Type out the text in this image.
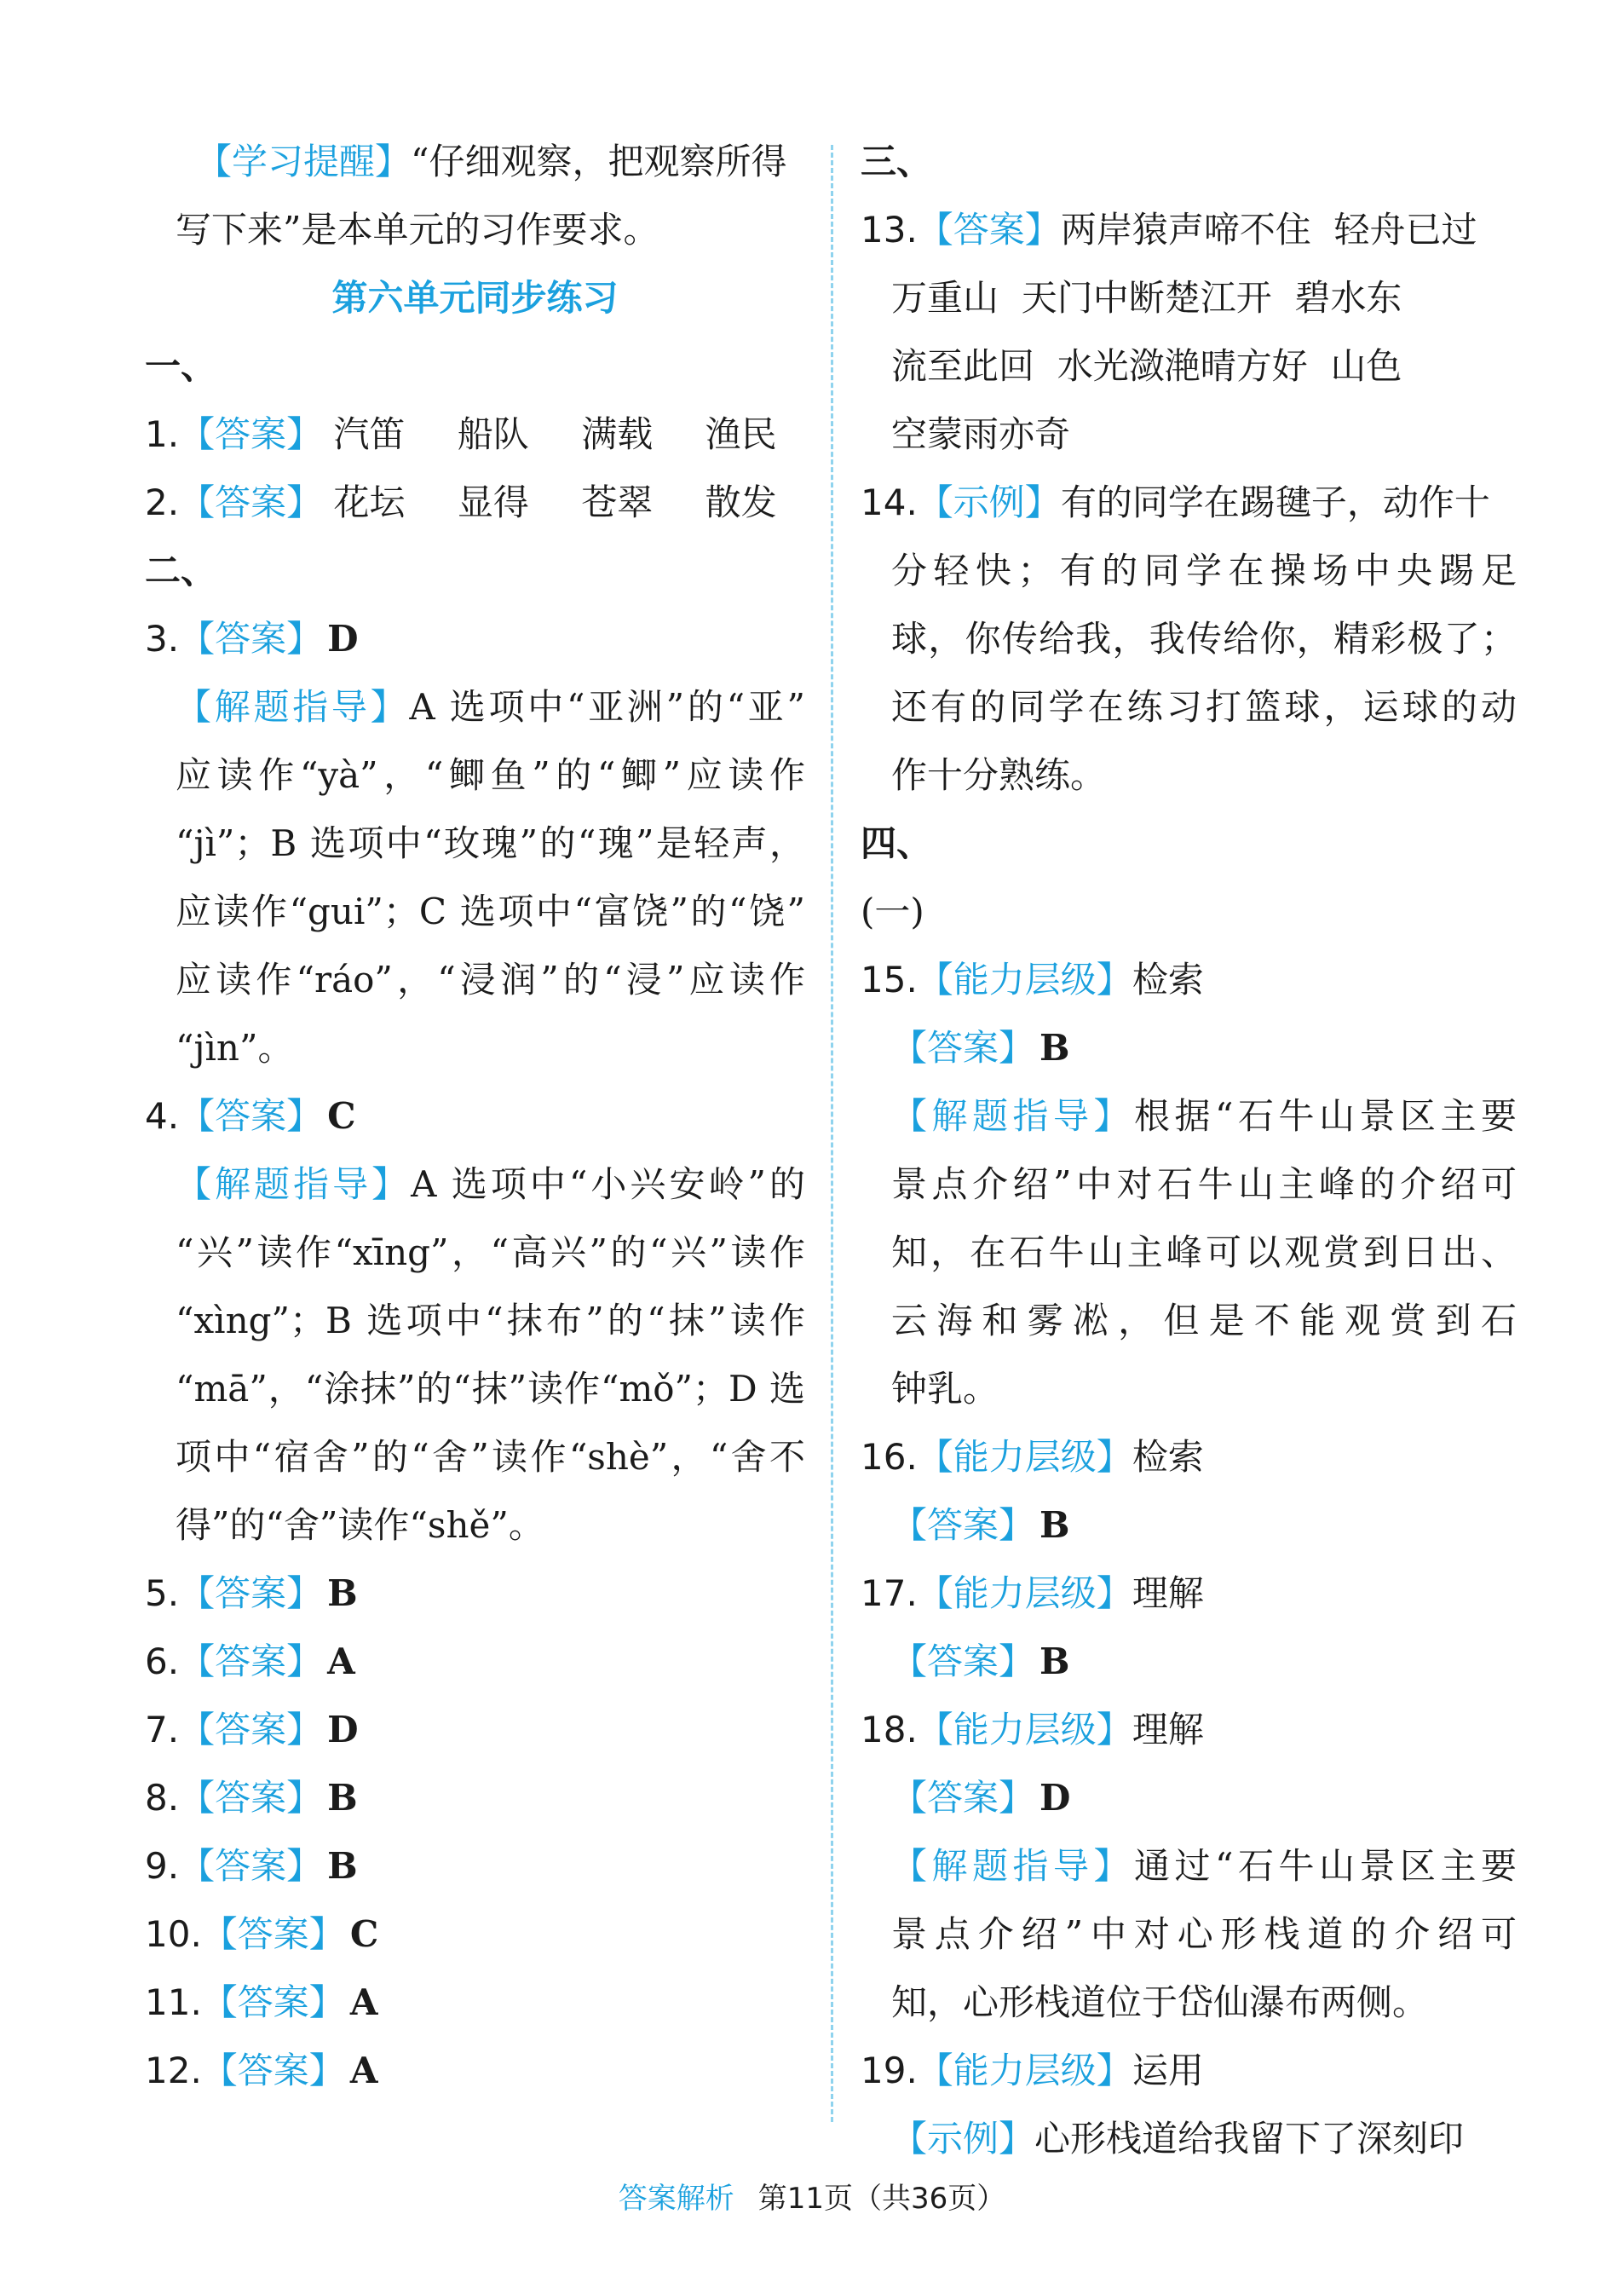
【学习提醒】“仔细观察，把观察所得
写下来”是本单元的习作要求。
第六单元同步练习
一、
1.【答案】 汽笛 船队 满载 渔民
2.【答案】 花坛 显得 苍翠 散发
二、
3.【答案】 D
【解题指导】A 选项中“亚洲”的“亚”
应读作“yà”，“鲫鱼”的“鲫”应读作
“jì”；B 选项中“玫瑰”的“瑰”是轻声，
应读作“gui”；C 选项中“富饶”的“饶”
应读作“ráo”，“浸润”的“浸”应读作
“jìn”。
4.【答案】 C
【解题指导】A 选项中“小兴安岭”的
“兴”读作“xīng”，“高兴”的“兴”读作
“xìng”；B 选项中“抹布”的“抹”读作
“mā”，“涂抹”的“抹”读作“mǒ”；D 选
项中“宿舍”的“舍”读作“shè”，“舍不
得”的“舍”读作“shě”。
5.【答案】 B
6.【答案】 A
7.【答案】 D
8.【答案】 B
9.【答案】 B
10.【答案】 C
11.【答案】 A
12.【答案】 A
三、
13.【答案】两岸猿声啼不住  轻舟已过
万重山  天门中断楚江开  碧水东
流至此回  水光潋滟晴方好  山色
空蒙雨亦奇
14.【示例】有的同学在踢毽子，动作十
分轻快；有的同学在操场中央踢足
球，你传给我，我传给你，精彩极了；
还有的同学在练习打篮球，运球的动
作十分熟练。
四、
(一)
15.【能力层级】检索
【答案】 B
【解题指导】根据“石牛山景区主要
景点介绍”中对石牛山主峰的介绍可
知，在石牛山主峰可以观赏到日出、
云海和雾凇，但是不能观赏到石
钟乳。
16.【能力层级】检索
【答案】 B
17.【能力层级】理解
【答案】 B
18.【能力层级】理解
【答案】 D
【解题指导】通过“石牛山景区主要
景点介绍”中对心形栈道的介绍可
知，心形栈道位于岱仙瀑布两侧。
19.【能力层级】运用
【示例】心形栈道给我留下了深刻印
答案解析 第11页（共36页）
